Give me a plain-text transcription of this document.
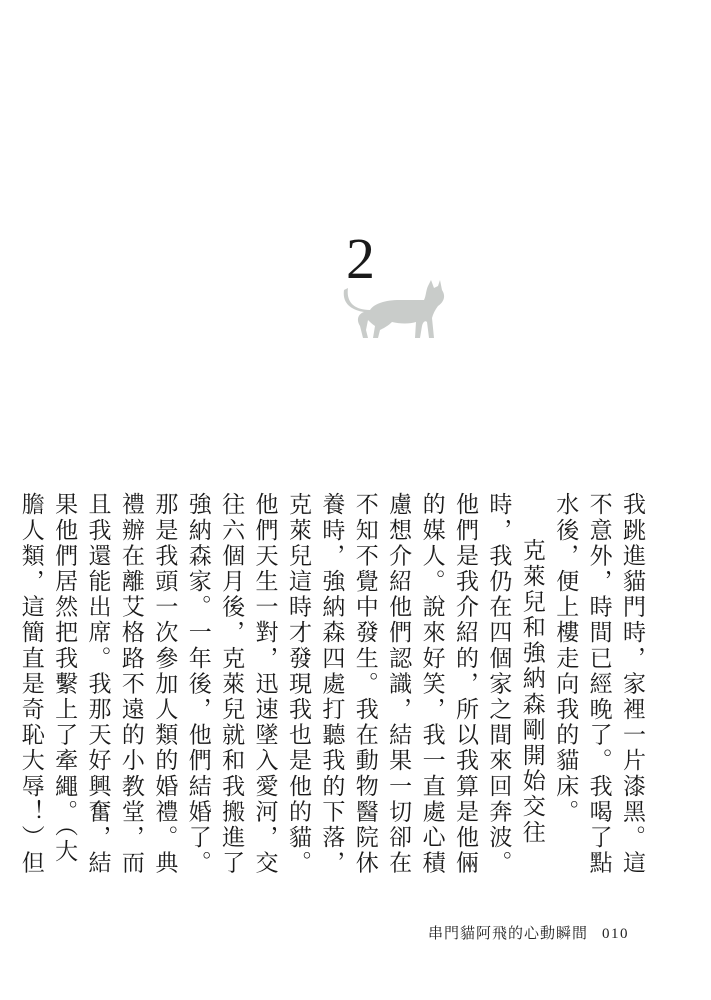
2

我跳進貓門時，家裡一片漆黑。這不意外，時間已經晚了。我喝了點水後，便上樓走向我的貓床。

克萊兒和強納森剛開始交往時，我仍在四個家之間來回奔波。他們是我介紹的，所以我算是他倆的媒人。說來好笑，我一直處心積慮想介紹他們認識，結果一切卻在不知不覺中發生。我在動物醫院休養時，強納森四處打聽我的下落，克萊兒這時才發現我也是他的貓。他們天生一對，迅速墜入愛河，交往六個月後，克萊兒就和我搬進了強納森家。一年後，他們結婚了。那是我頭一次參加人類的婚禮。典禮辦在離艾格路不遠的小教堂，而且我還能出席。我那天好興奮，結果他們居然把我繫上了牽繩。（大膽人類，這簡直是奇恥大辱！）但

串門貓阿飛的心動瞬間 010
